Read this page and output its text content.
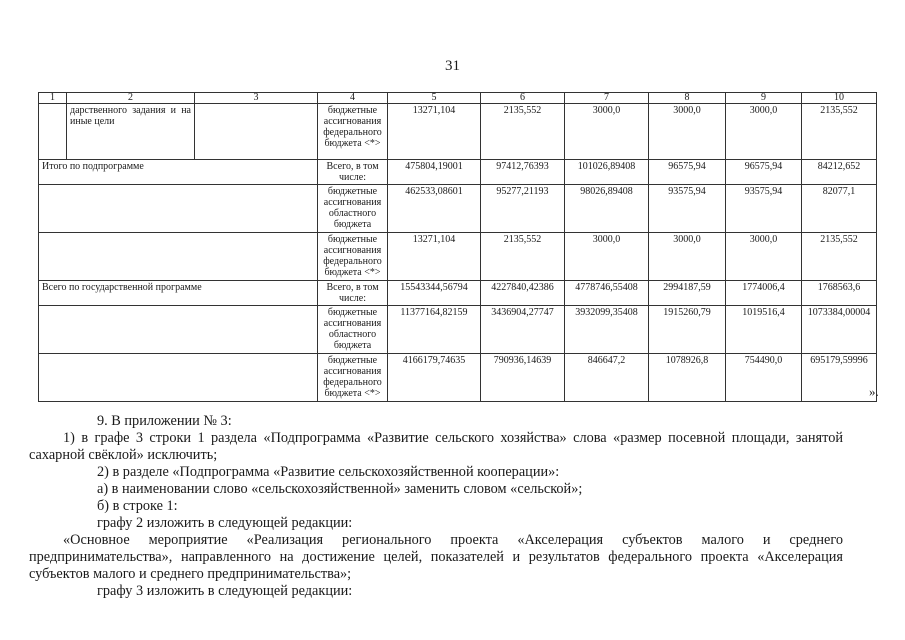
31
1	2	3	4	5	6	7	8	9	10
	дарственного задания и на иные цели		бюджетные ассигнования федерального бюджета <*>	13271,104	2135,552	3000,0	3000,0	3000,0	2135,552
Итого по подпрограмме			Всего, в том числе:	475804,19001	97412,76393	101026,89408	96575,94	96575,94	84212,652
			бюджетные ассигнования областного бюджета	462533,08601	95277,21193	98026,89408	93575,94	93575,94	82077,1
			бюджетные ассигнования федерального бюджета <*>	13271,104	2135,552	3000,0	3000,0	3000,0	2135,552
Всего по государственной программе			Всего, в том числе:	15543344,56794	4227840,42386	4778746,55408	2994187,59	1774006,4	1768563,6
			бюджетные ассигнования областного бюджета	11377164,82159	3436904,27747	3932099,35408	1915260,79	1019516,4	1073384,00004
			бюджетные ассигнования федерального бюджета <*>	4166179,74635	790936,14639	846647,2	1078926,8	754490,0	695179,59996
».

9. В приложении № 3:

1) в графе 3 строки 1 раздела «Подпрограмма «Развитие сельского хозяйства» слова «размер посевной площади, занятой сахарной свёклой» исключить;

2) в разделе «Подпрограмма «Развитие сельскохозяйственной кооперации»:

а) в наименовании слово «сельскохозяйственной» заменить словом «сельской»;

б) в строке 1:

графу 2 изложить в следующей редакции:

«Основное мероприятие «Реализация регионального проекта «Акселерация субъектов малого и среднего предпринимательства», направленного на достижение целей, показателей и результатов федерального проекта «Акселерация субъектов малого и среднего предпринимательства»;

графу 3 изложить в следующей редакции:
